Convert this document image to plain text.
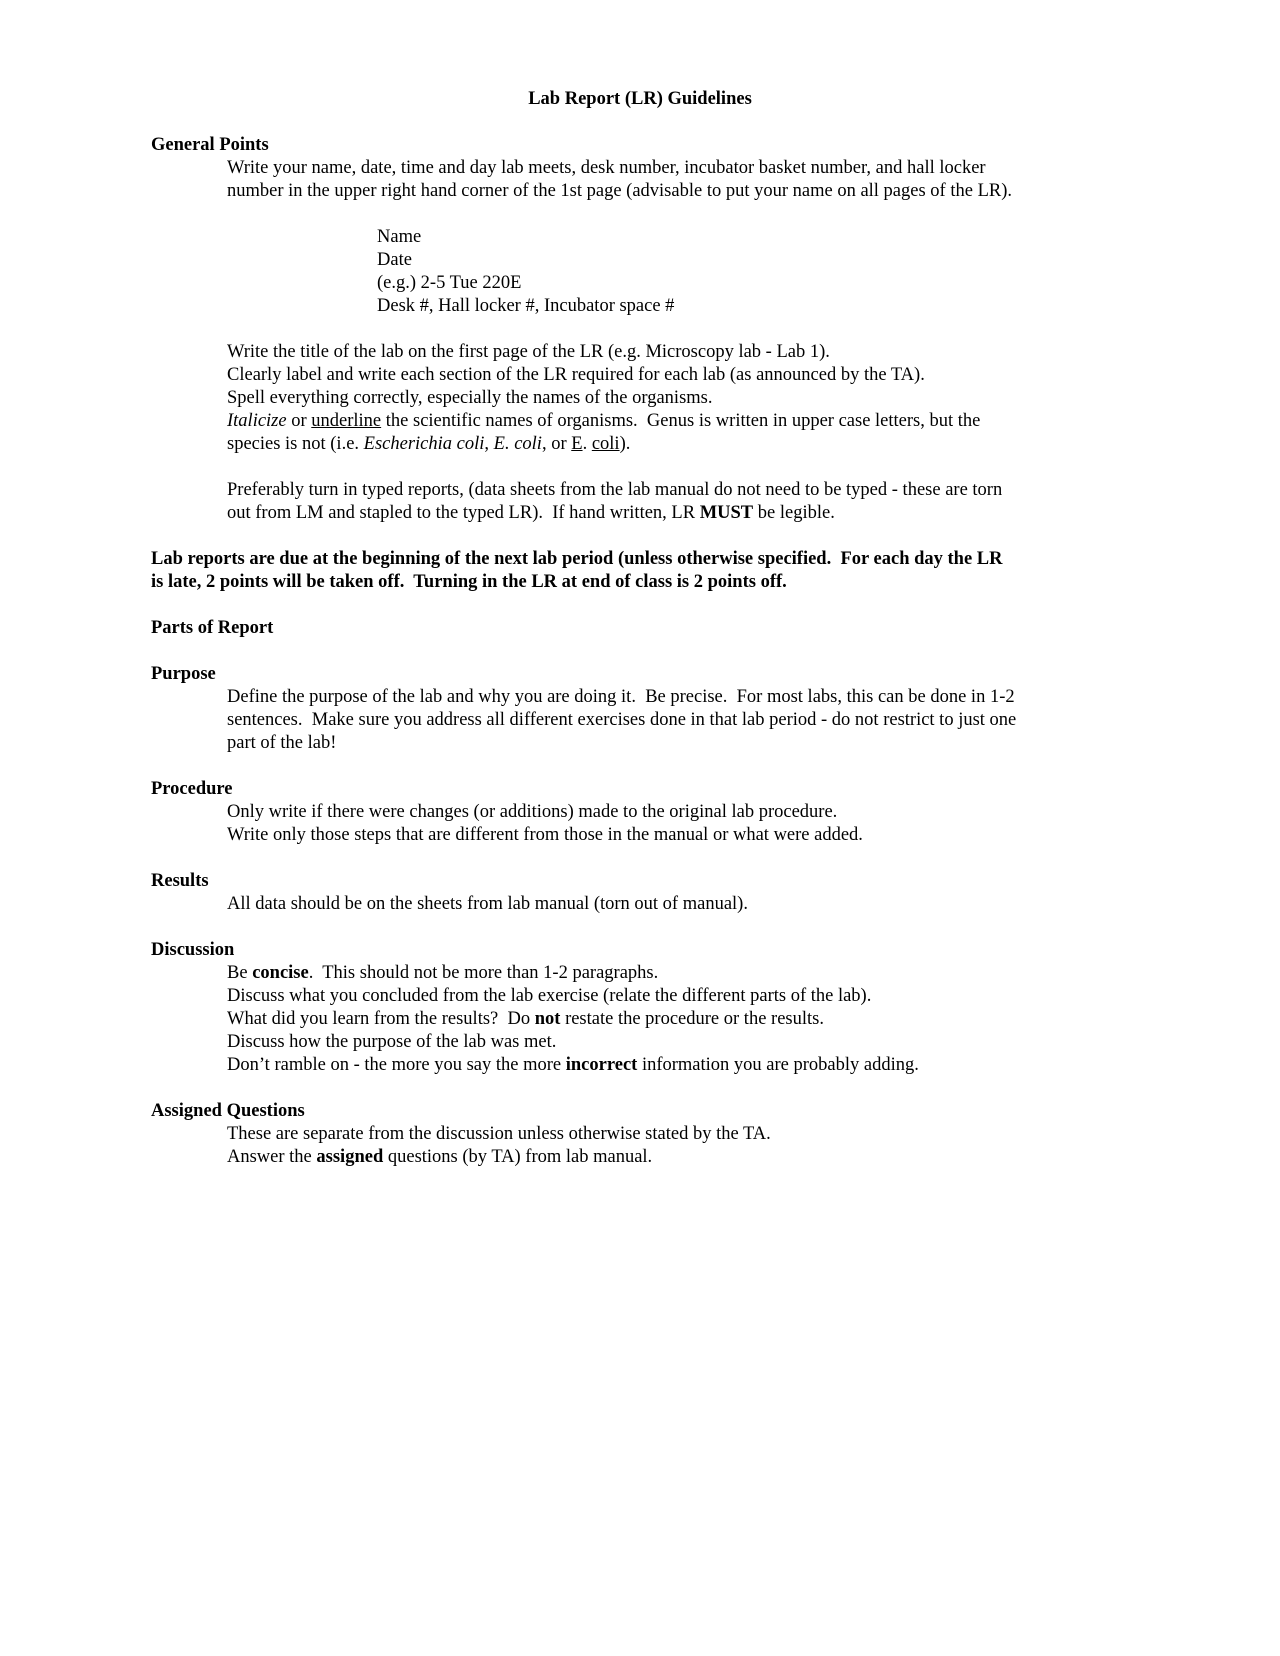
Lab Report (LR) Guidelines
General Points
Write your name, date, time and day lab meets, desk number, incubator basket number, and hall locker
number in the upper right hand corner of the 1st page (advisable to put your name on all pages of the LR).
Name
Date
(e.g.) 2-5 Tue 220E
Desk #, Hall locker #, Incubator space #
Write the title of the lab on the first page of the LR (e.g. Microscopy lab - Lab 1).
Clearly label and write each section of the LR required for each lab (as announced by the TA).
Spell everything correctly, especially the names of the organisms.
Italicize or underline the scientific names of organisms.  Genus is written in upper case letters, but the
species is not (i.e. Escherichia coli, E. coli, or E. coli).
Preferably turn in typed reports, (data sheets from the lab manual do not need to be typed - these are torn
out from LM and stapled to the typed LR).  If hand written, LR MUST be legible.
Lab reports are due at the beginning of the next lab period (unless otherwise specified.  For each day the LR
is late, 2 points will be taken off.  Turning in the LR at end of class is 2 points off.
Parts of Report
Purpose
Define the purpose of the lab and why you are doing it.  Be precise.  For most labs, this can be done in 1-2
sentences.  Make sure you address all different exercises done in that lab period - do not restrict to just one
part of the lab!
Procedure
Only write if there were changes (or additions) made to the original lab procedure.
Write only those steps that are different from those in the manual or what were added.
Results
All data should be on the sheets from lab manual (torn out of manual).
Discussion
Be concise.  This should not be more than 1-2 paragraphs.
Discuss what you concluded from the lab exercise (relate the different parts of the lab).
What did you learn from the results?  Do not restate the procedure or the results.
Discuss how the purpose of the lab was met.
Don’t ramble on - the more you say the more incorrect information you are probably adding.
Assigned Questions
These are separate from the discussion unless otherwise stated by the TA.
Answer the assigned questions (by TA) from lab manual.
